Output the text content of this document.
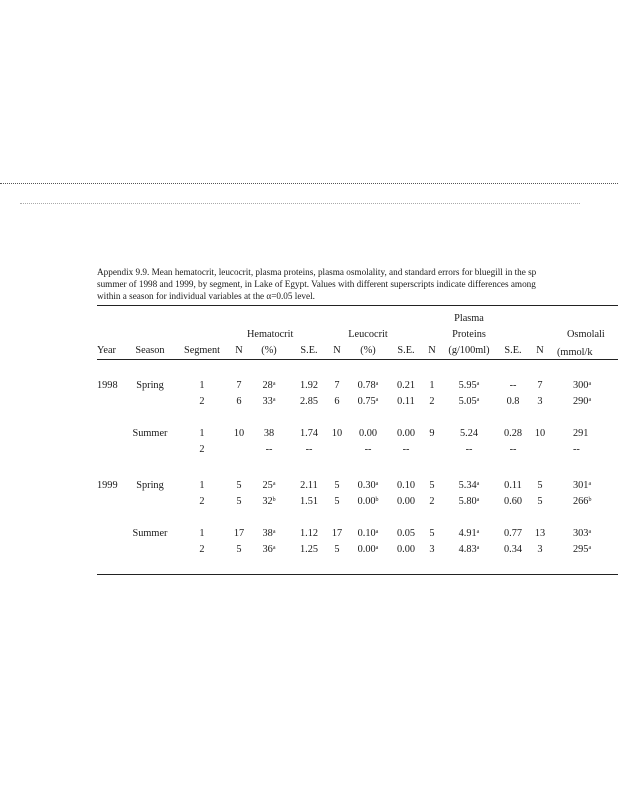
Appendix 9.9. Mean hematocrit, leucocrit, plasma proteins, plasma osmolality, and standard errors for bluegill in the sp
summer of 1998 and 1999, by segment, in Lake of Egypt. Values with different superscripts indicate differences among
within a season for individual variables at the α=0.05 level.
										Plasma			
				Hematocrit			Leucocrit			Proteins			Osmolali
Year	Season	Segment	N	(%)	S.E.	N	(%)	S.E.	N	(g/100ml)	S.E.	N	(mmol/k

1998	Spring	1	7	28$^a$	1.92	7	0.78$^a$	0.21	1	5.95$^a$	--	7	300$^a$
		2	6	33$^a$	2.85	6	0.75$^a$	0.11	2	5.05$^a$	0.8	3	290$^a$

	Summer	1	10	38	1.74	10	0.00	0.00	9	5.24	0.28	10	291
		2		--	--		--	--		--	--		--

1999	Spring	1	5	25$^a$	2.11	5	0.30$^a$	0.10	5	5.34$^a$	0.11	5	301$^a$
		2	5	32$^b$	1.51	5	0.00$^b$	0.00	2	5.80$^a$	0.60	5	266$^b$

	Summer	1	17	38$^a$	1.12	17	0.10$^a$	0.05	5	4.91$^a$	0.77	13	303$^a$
		2	5	36$^a$	1.25	5	0.00$^a$	0.00	3	4.83$^a$	0.34	3	295$^a$
